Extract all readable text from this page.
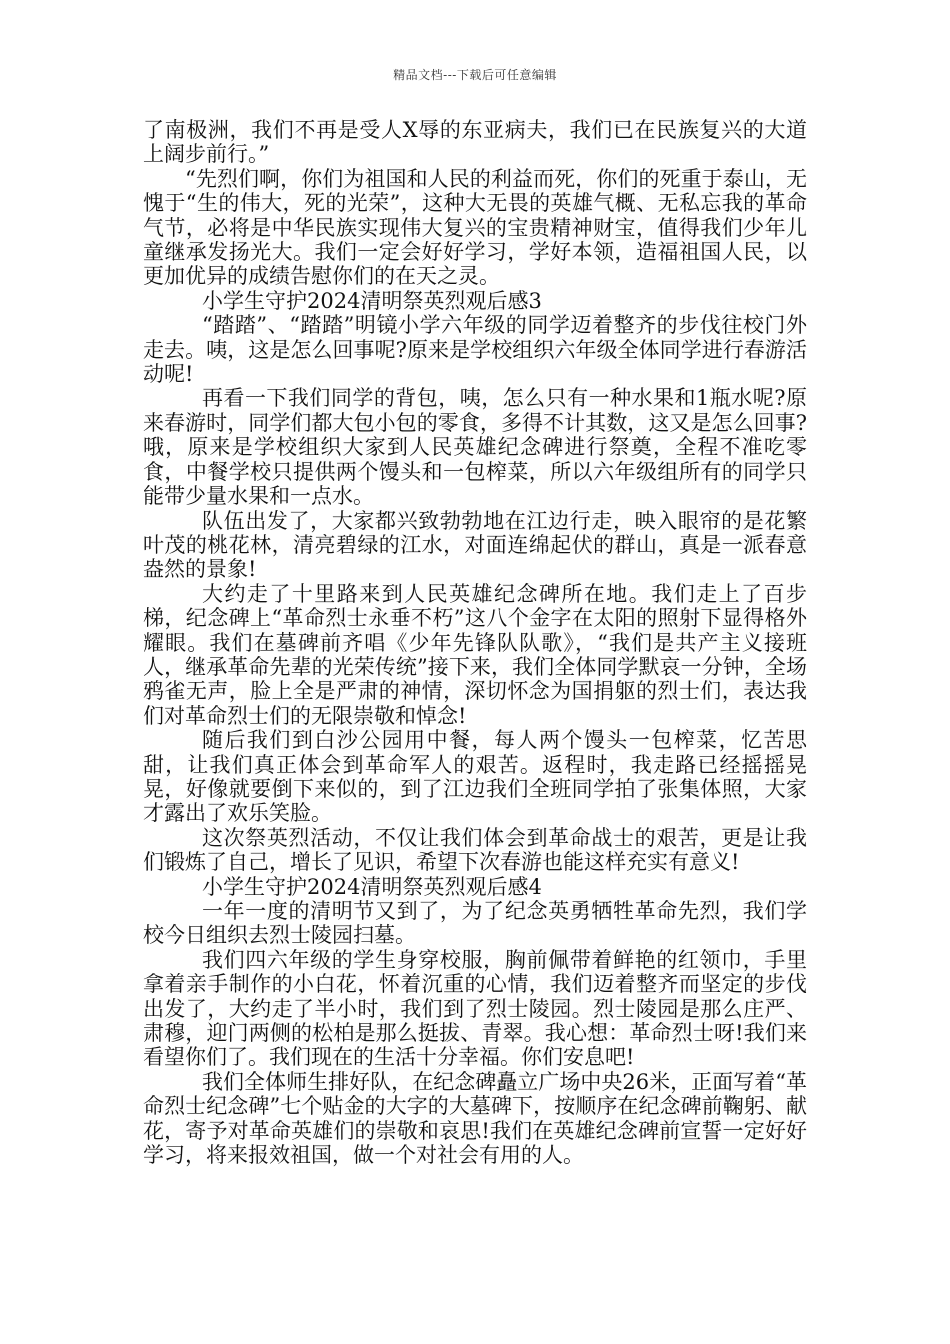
精品文档---下载后可任意编辑

了南极洲，我们不再是受人X辱的东亚病夫，我们已在民族复兴的大道上阔步前行。”

“先烈们啊，你们为祖国和人民的利益而死，你们的死重于泰山，无愧于“生的伟大，死的光荣”，这种大无畏的英雄气概、无私忘我的革命气节，必将是中华民族实现伟大复兴的宝贵精神财宝，值得我们少年儿童继承发扬光大。我们一定会好好学习，学好本领，造福祖国人民，以更加优异的成绩告慰你们的在天之灵。

小学生守护2024清明祭英烈观后感3

“踏踏”、“踏踏”明镜小学六年级的同学迈着整齐的步伐往校门外走去。咦，这是怎么回事呢?原来是学校组织六年级全体同学进行春游活动呢!

再看一下我们同学的背包，咦，怎么只有一种水果和1瓶水呢?原来春游时，同学们都大包小包的零食，多得不计其数，这又是怎么回事?哦，原来是学校组织大家到人民英雄纪念碑进行祭奠，全程不准吃零食，中餐学校只提供两个馒头和一包榨菜，所以六年级组所有的同学只能带少量水果和一点水。

队伍出发了，大家都兴致勃勃地在江边行走，映入眼帘的是花繁叶茂的桃花林，清亮碧绿的江水，对面连绵起伏的群山，真是一派春意盎然的景象!

大约走了十里路来到人民英雄纪念碑所在地。我们走上了百步梯，纪念碑上“革命烈士永垂不朽”这八个金字在太阳的照射下显得格外耀眼。我们在墓碑前齐唱《少年先锋队队歌》，“我们是共产主义接班人，继承革命先辈的光荣传统”接下来，我们全体同学默哀一分钟，全场鸦雀无声，脸上全是严肃的神情，深切怀念为国捐躯的烈士们，表达我们对革命烈士们的无限崇敬和悼念!

随后我们到白沙公园用中餐，每人两个馒头一包榨菜，忆苦思甜，让我们真正体会到革命军人的艰苦。返程时，我走路已经摇摇晃晃，好像就要倒下来似的，到了江边我们全班同学拍了张集体照，大家才露出了欢乐笑脸。

这次祭英烈活动，不仅让我们体会到革命战士的艰苦，更是让我们锻炼了自己，增长了见识，希望下次春游也能这样充实有意义!

小学生守护2024清明祭英烈观后感4

一年一度的清明节又到了，为了纪念英勇牺牲革命先烈，我们学校今日组织去烈士陵园扫墓。

我们四六年级的学生身穿校服，胸前佩带着鲜艳的红领巾，手里拿着亲手制作的小白花，怀着沉重的心情，我们迈着整齐而坚定的步伐出发了，大约走了半小时，我们到了烈士陵园。烈士陵园是那么庄严、肃穆，迎门两侧的松柏是那么挺拔、青翠。我心想：革命烈士呀!我们来看望你们了。我们现在的生活十分幸福。你们安息吧!

我们全体师生排好队，在纪念碑矗立广场中央26米，正面写着“革命烈士纪念碑”七个贴金的大字的大墓碑下，按顺序在纪念碑前鞠躬、献花，寄予对革命英雄们的崇敬和哀思!我们在英雄纪念碑前宣誓一定好好学习，将来报效祖国，做一个对社会有用的人。
